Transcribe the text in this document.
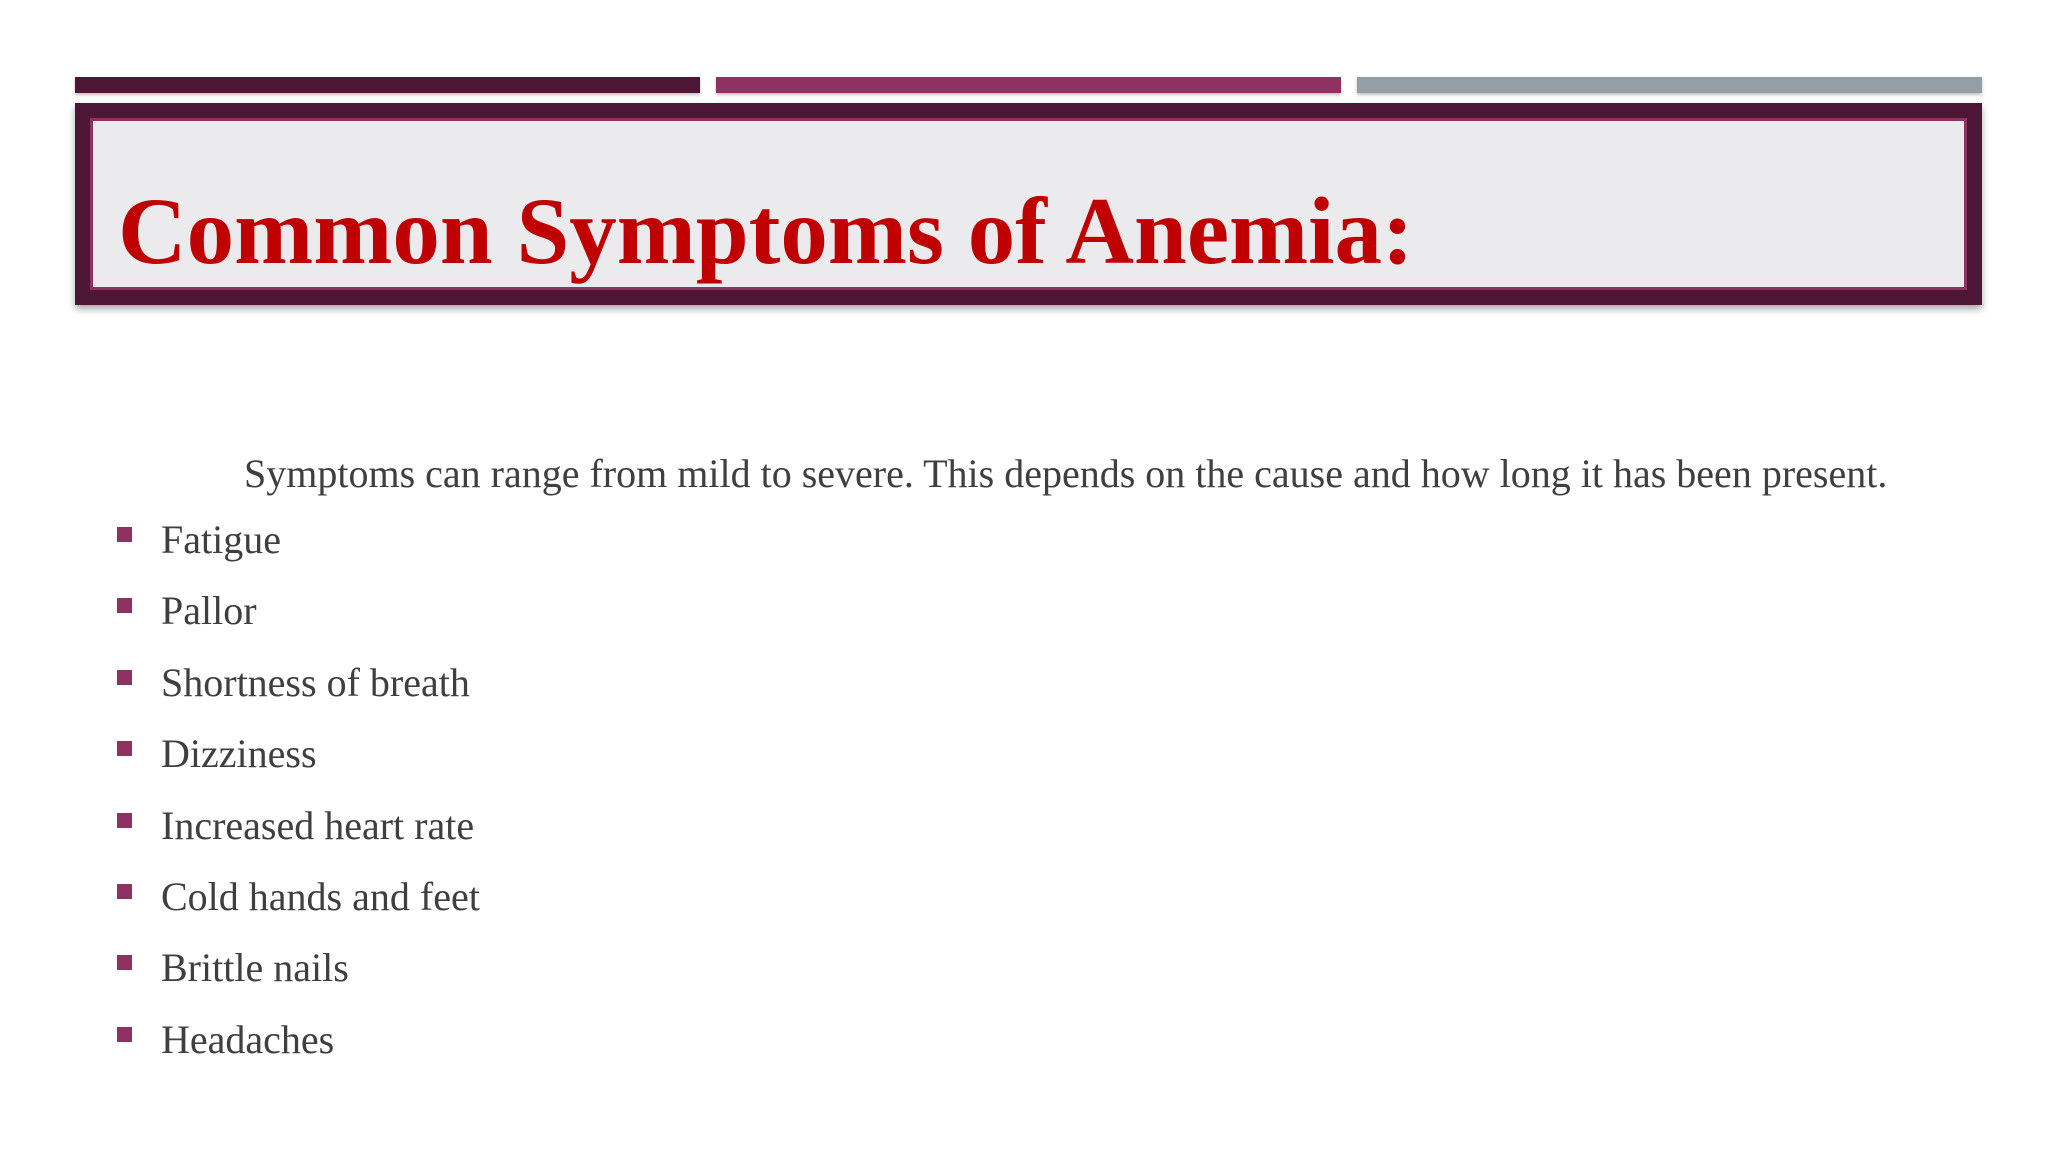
Common Symptoms of Anemia:

Symptoms can range from mild to severe. This depends on the cause and how long it has been present.

Fatigue
Pallor
Shortness of breath
Dizziness
Increased heart rate
Cold hands and feet
Brittle nails
Headaches
